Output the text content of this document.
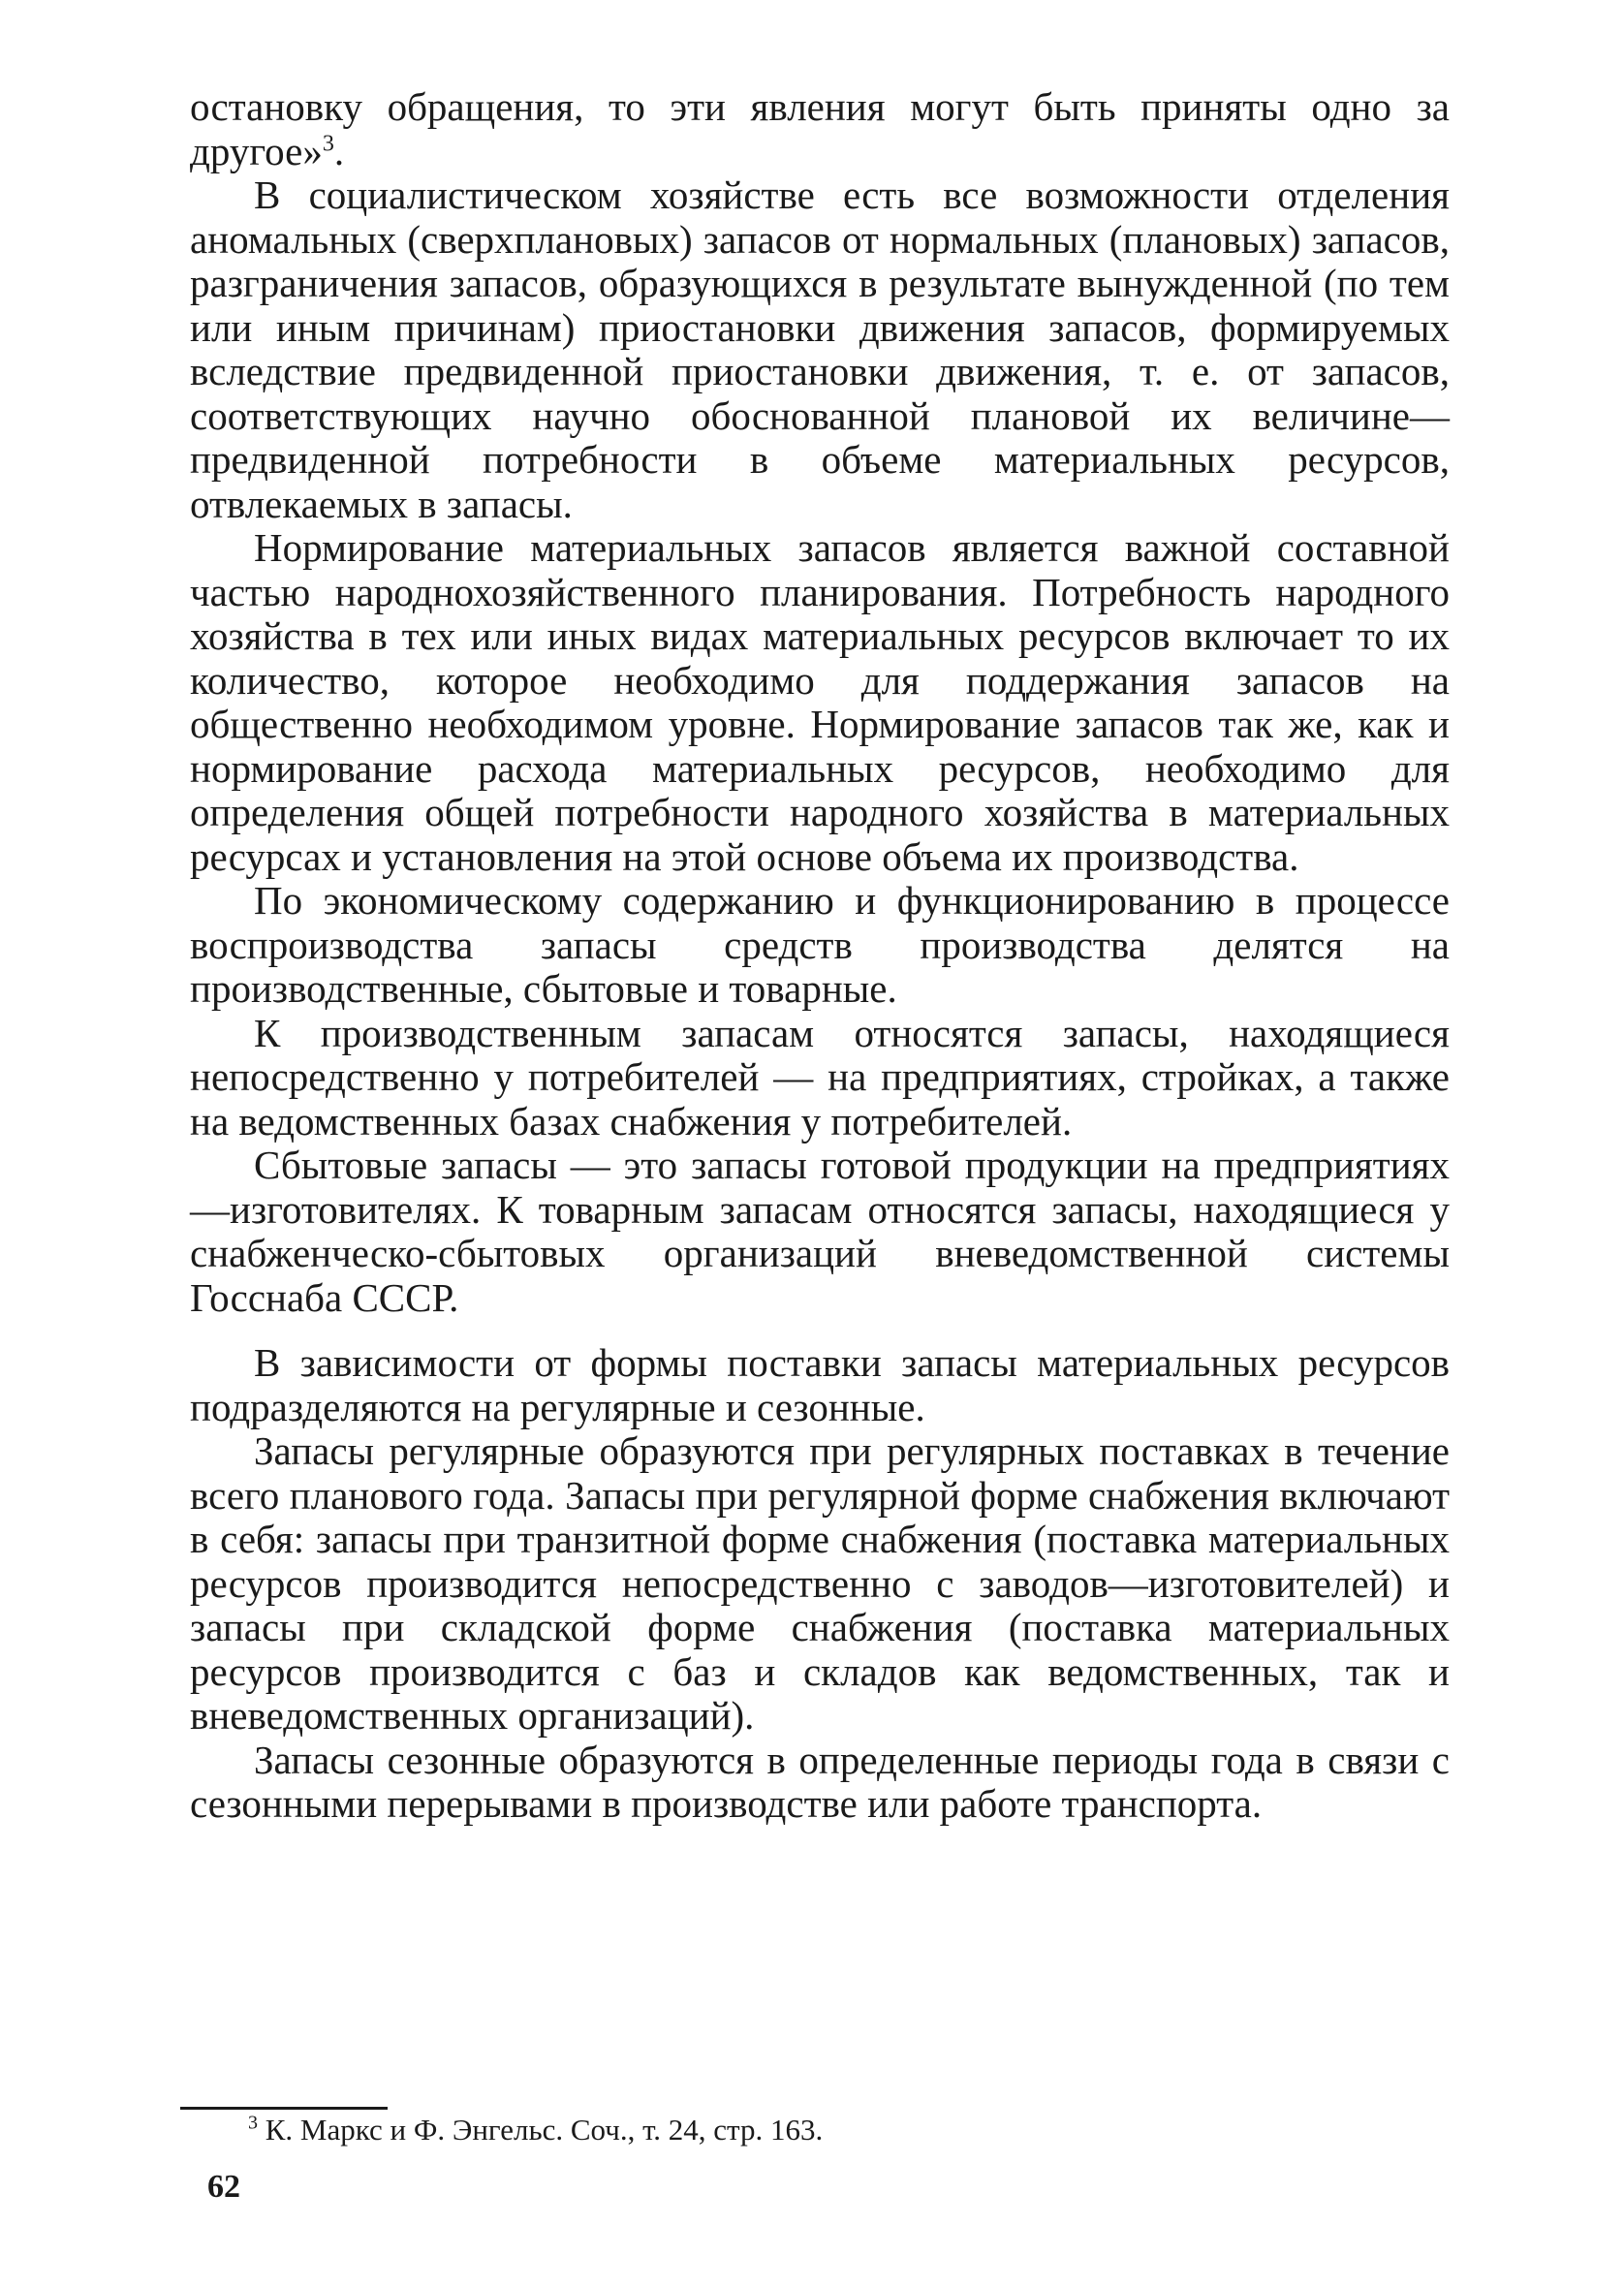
остановку обращения, то эти явления могут быть приняты одно за другое»$^3$.

В социалистическом хозяйстве есть все возможности отделения аномальных (сверхплановых) запасов от нормальных (плановых) запасов, разграничения запасов, образующихся в результате вынужденной (по тем или иным причинам) приостановки движения запасов, формируемых вследствие предвиденной приостановки движения, т. е. от запасов, соответствующих научно обоснованной плановой их величине—предвиденной потребности в объеме материальных ресурсов, отвлекаемых в запасы.

Нормирование материальных запасов является важной составной частью народнохозяйственного планирования. Потребность народного хозяйства в тех или иных видах материальных ресурсов включает то их количество, которое необходимо для поддержания запасов на общественно необходимом уровне. Нормирование запасов так же, как и нормирование расхода материальных ресурсов, необходимо для определения общей потребности народного хозяйства в материальных ресурсах и установления на этой основе объема их производства.

По экономическому содержанию и функционированию в процессе воспроизводства запасы средств производства делятся на производственные, сбытовые и товарные.

К производственным запасам относятся запасы, находящиеся непосредственно у потребителей — на предприятиях, стройках, а также на ведомственных базах снабжения у потребителей.

Сбытовые запасы — это запасы готовой продукции на предприятиях—изготовителях. К товарным запасам относятся запасы, находящиеся у снабженческо-сбытовых организаций вневедомственной системы Госснаба СССР.

В зависимости от формы поставки запасы материальных ресурсов подразделяются на регулярные и сезонные.

Запасы регулярные образуются при регулярных поставках в течение всего планового года. Запасы при регулярной форме снабжения включают в себя: запасы при транзитной форме снабжения (поставка материальных ресурсов производится непосредственно с заводов—изготовителей) и запасы при складской форме снабжения (поставка материальных ресурсов производится с баз и складов как ведомственных, так и вневедомственных организаций).

Запасы сезонные образуются в определенные периоды года в связи с сезонными перерывами в производстве или работе транспорта.

$^3$ К. Маркс и Ф. Энгельс. Соч., т. 24, стр. 163.

62
